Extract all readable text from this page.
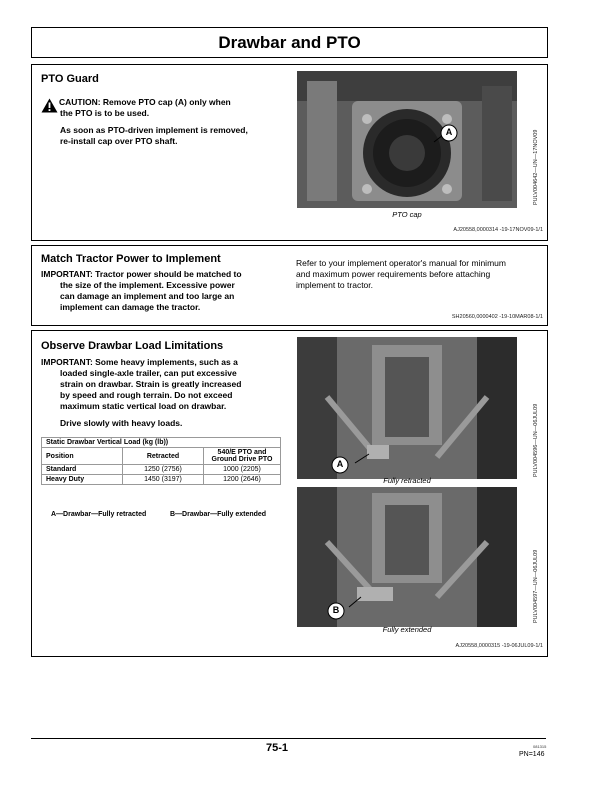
Drawbar and PTO
PTO Guard
CAUTION: Remove PTO cap (A) only when
the PTO is to be used.
As soon as PTO-driven implement is removed,
re-install cap over PTO shaft.
A	PULV004642—UN—17NOV09
PTO cap
AJ20558,0000314 -19-17NOV09-1/1
Match Tractor Power to Implement
IMPORTANT: Tractor power should be matched to
the size of the implement. Excessive power
can damage an implement and too large an
implement can damage the tractor.
Refer to your implement operator's manual for minimum
and maximum power requirements before attaching
implement to tractor.
SH20560,0000402 -19-10MAR08-1/1
Observe Drawbar Load Limitations
IMPORTANT: Some heavy implements, such as a
loaded single-axle trailer, can put excessive
strain on drawbar. Strain is greatly increased
by speed and rough terrain. Do not exceed
maximum static vertical load on drawbar.
Drive slowly with heavy loads.
Static Drawbar Vertical Load (kg (lb))		
Position	Retracted	540/E PTO and
Ground Drive PTO

Standard	1250 (2756)	1000 (2205)
Heavy Duty	1450 (3197)	1200 (2646)
A—Drawbar—Fully retracted	B—Drawbar—Fully extended
A
Fully retracted
PULV004596—UN—06JUL09
B
Fully extended
PULV004597—UN—06JUL09
AJ20558,0000315 -19-06JUL09-1/1
75-1	081315
PN=146
